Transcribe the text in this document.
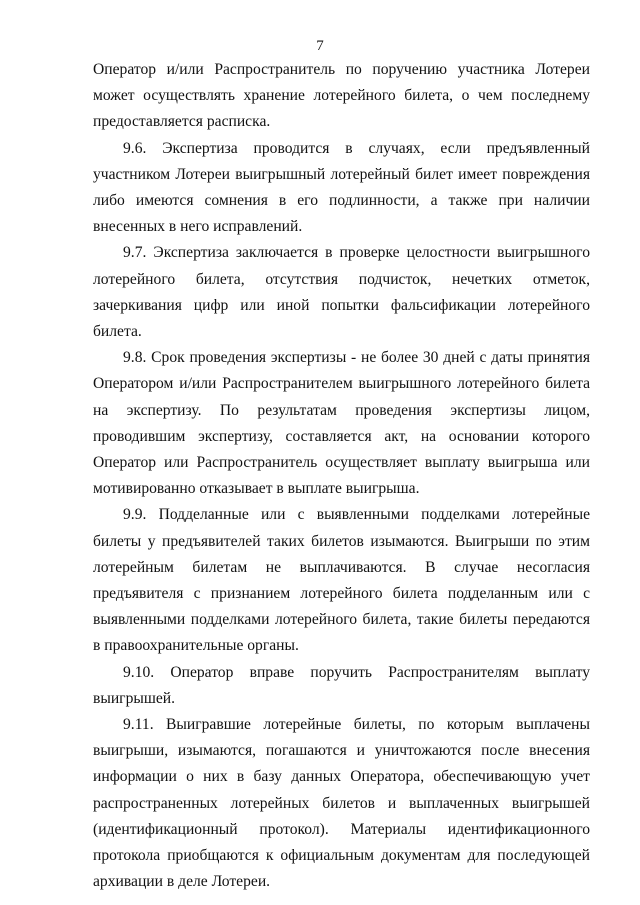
7

Оператор и/или Распространитель по поручению участника Лотереи может осуществлять хранение лотерейного билета, о чем последнему предоставляется расписка.

9.6. Экспертиза проводится в случаях, если предъявленный участником Лотереи выигрышный лотерейный билет имеет повреждения либо имеются сомнения в его подлинности, а также при наличии внесенных в него исправлений.

9.7. Экспертиза заключается в проверке целостности выигрышного лотерейного билета, отсутствия подчисток, нечетких отметок, зачеркивания цифр или иной попытки фальсификации лотерейного билета.

9.8. Срок проведения экспертизы - не более 30 дней с даты принятия Оператором и/или Распространителем выигрышного лотерейного билета на экспертизу. По результатам проведения экспертизы лицом, проводившим экспертизу, составляется акт, на основании которого Оператор или Распространитель осуществляет выплату выигрыша или мотивированно отказывает в выплате выигрыша.

9.9. Подделанные или с выявленными подделками лотерейные билеты у предъявителей таких билетов изымаются. Выигрыши по этим лотерейным билетам не выплачиваются. В случае несогласия предъявителя с признанием лотерейного билета подделанным или с выявленными подделками лотерейного билета, такие билеты передаются в правоохранительные органы.

9.10. Оператор вправе поручить Распространителям выплату выигрышей.

9.11. Выигравшие лотерейные билеты, по которым выплачены выигрыши, изымаются, погашаются и уничтожаются после внесения информации о них в базу данных Оператора, обеспечивающую учет распространенных лотерейных билетов и выплаченных выигрышей (идентификационный протокол). Материалы идентификационного протокола приобщаются к официальным документам для последующей архивации в деле Лотереи.
